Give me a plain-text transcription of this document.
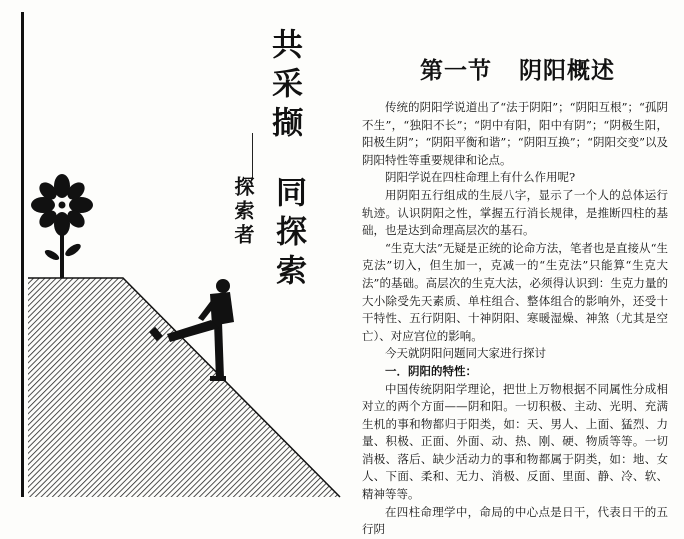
共采撷
同探索
探索者
第一节   阴阳概述

传统的阴阳学说道出了“法于阴阳”；“阴阳互根”；“孤阴不生”，“独阳不长”；“阴中有阳，阳中有阴”；“阴极生阳，阳极生阴”；“阴阳平衡和谐”；“阴阳互换”；“阴阳交变”以及阴阳特性等重要规律和论点。

阴阳学说在四柱命理上有什么作用呢?

用阴阳五行组成的生辰八字，显示了一个人的总体运行轨迹。认识阴阳之性，掌握五行消长规律，是推断四柱的基础，也是达到命理高层次的基石。

“生克大法”无疑是正统的论命方法，笔者也是直接从“生克法”切入，但生加一，克减一的“生克法”只能算“生克大法”的基础。高层次的生克大法，必须得认识到：生克力量的大小除受先天素质、单柱组合、整体组合的影响外，还受十干特性、五行阴阳、十神阴阳、寒暖湿燥、神煞（尤其是空亡）、对应宫位的影响。

今天就阴阳问题同大家进行探讨

一．阴阳的特性：

中国传统阴阳学理论，把世上万物根据不同属性分成相对立的两个方面——阴和阳。一切积极、主动、光明、充满生机的事和物都归于阳类，如：天、男人、上面、猛烈、力量、积极、正面、外面、动、热、刚、硬、物质等等。一切消极、落后、缺少活动力的事和物都属于阴类，如：地、女人、下面、柔和、无力、消极、反面、里面、静、冷、软、精神等等。

在四柱命理学中，命局的中心点是日干，代表日干的五行阴
